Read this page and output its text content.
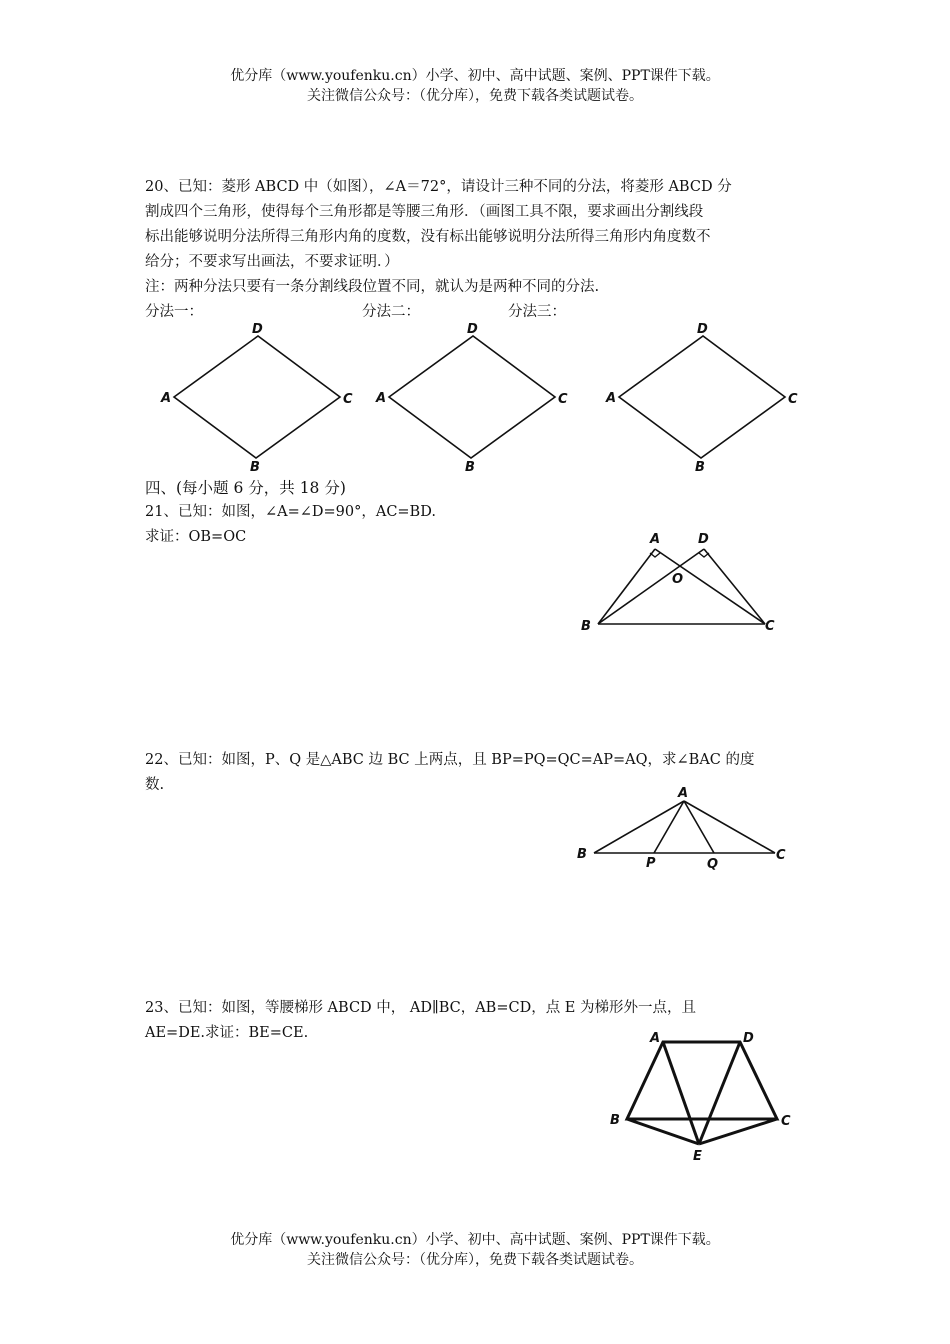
优分库（www.youfenku.cn）小学、初中、高中试题、案例、PPT课件下载。
关注微信公众号：（优分库），免费下载各类试题试卷。
20、已知：菱形 ABCD 中（如图），∠A＝72°，请设计三种不同的分法，将菱形 ABCD 分
割成四个三角形，使得每个三角形都是等腰三角形．（画图工具不限，要求画出分割线段
标出能够说明分法所得三角形内角的度数，没有标出能够说明分法所得三角形内角度数不
给分；不要求写出画法，不要求证明．）
注：两种分法只要有一条分割线段位置不同，就认为是两种不同的分法.
分法一：	分法二：	分法三：
D
A	C
B
D
A	C
B
D
A	C
B
四、(每小题 6 分，共 18 分)
21、已知：如图，∠A=∠D=90°，AC=BD.
求证：OB=OC	A	D
O
B	C
22、已知：如图，P、Q 是△ABC 边 BC 上两点，且 BP=PQ=QC=AP=AQ，求∠BAC 的度
数.
A
B
P	Q
C
23、已知：如图，等腰梯形 ABCD 中， AD∥BC，AB=CD，点 E 为梯形外一点，且
AE=DE.求证：BE=CE.	A	D
B	C
E
优分库（www.youfenku.cn）小学、初中、高中试题、案例、PPT课件下载。
关注微信公众号：（优分库），免费下载各类试题试卷。
